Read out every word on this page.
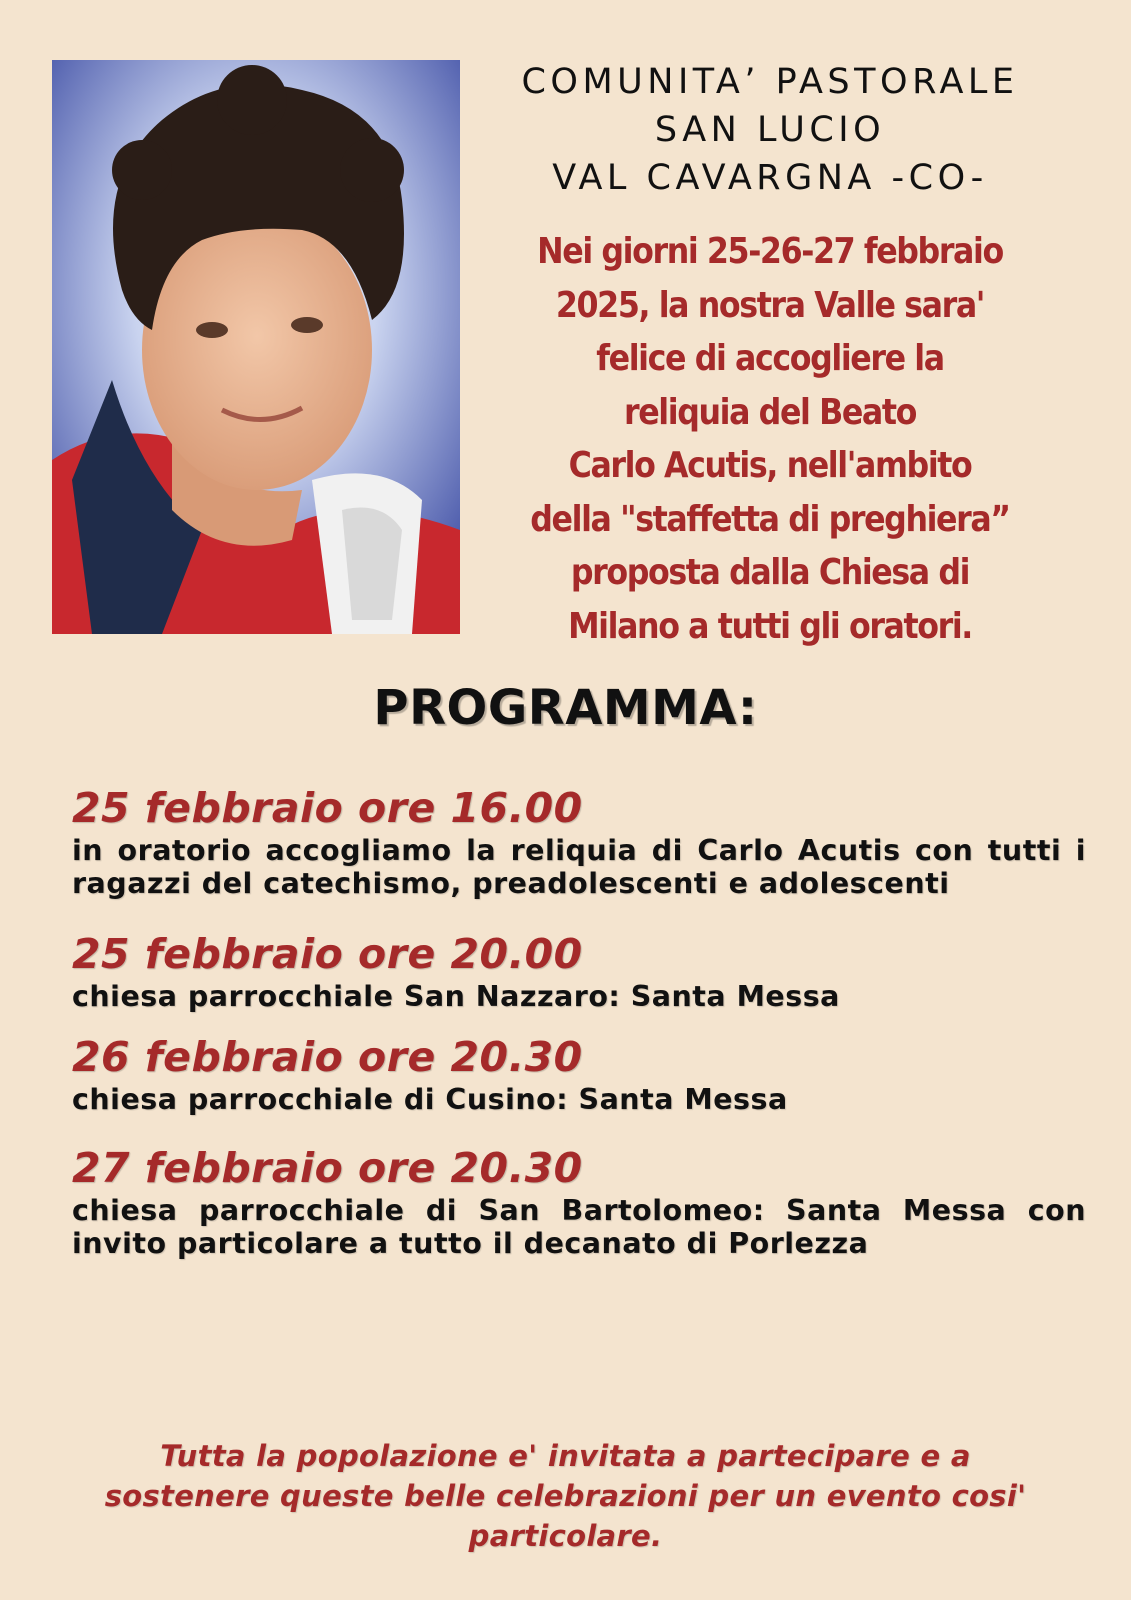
COMUNITA’ PASTORALE
SAN LUCIO
VAL CAVARGNA -CO-
Nei giorni 25-26-27 febbraio
2025, la nostra Valle sara'
felice di accogliere la
reliquia del Beato
Carlo Acutis, nell'ambito
della "staffetta di preghiera”
proposta dalla Chiesa di
Milano a tutti gli oratori.
PROGRAMMA:
25 febbraio ore 16.00
in oratorio accogliamo la reliquia di Carlo Acutis con tutti i ragazzi del catechismo, preadolescenti e adolescenti
25 febbraio ore 20.00
chiesa parrocchiale San Nazzaro: Santa Messa
26 febbraio ore 20.30
chiesa parrocchiale di Cusino: Santa Messa
27 febbraio ore 20.30
chiesa parrocchiale di San Bartolomeo: Santa Messa con invito particolare a tutto il decanato di Porlezza
Tutta la popolazione e' invitata a partecipare e a
sostenere queste belle celebrazioni per un evento cosi'
particolare.
